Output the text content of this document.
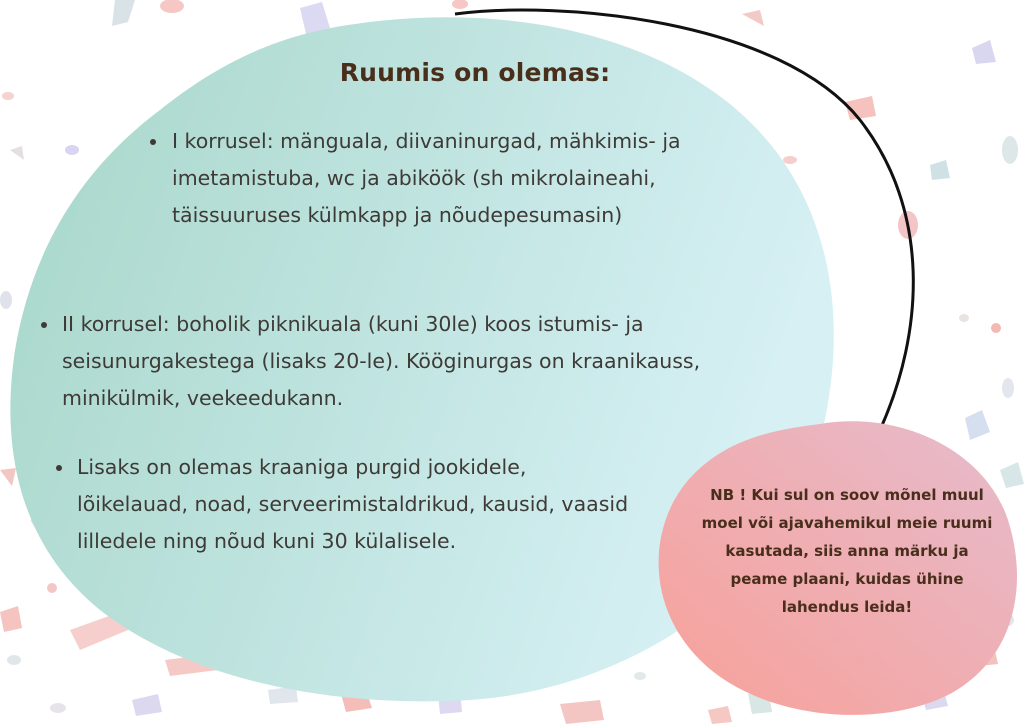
Ruumis on olemas:
I korrusel: mänguala, diivaninurgad, mähkimis- ja imetamistuba, wc ja abiköök (sh mikrolaineahi, täissuuruses külmkapp ja nõudepesumasin)
II korrusel: boholik piknikuala (kuni 30le) koos istumis- ja seisunurgakestega (lisaks 20-le). Kööginurgas on kraanikauss, minikülmik, veekeedukann.
Lisaks on olemas kraaniga purgid jookidele, lõikelauad, noad, serveerimistaldrikud, kausid, vaasid lilledele ning nõud kuni 30 külalisele.
NB ! Kui sul on soov mõnel muul moel või ajavahemikul meie ruumi kasutada, siis anna märku ja peame plaani, kuidas ühine lahendus leida!
